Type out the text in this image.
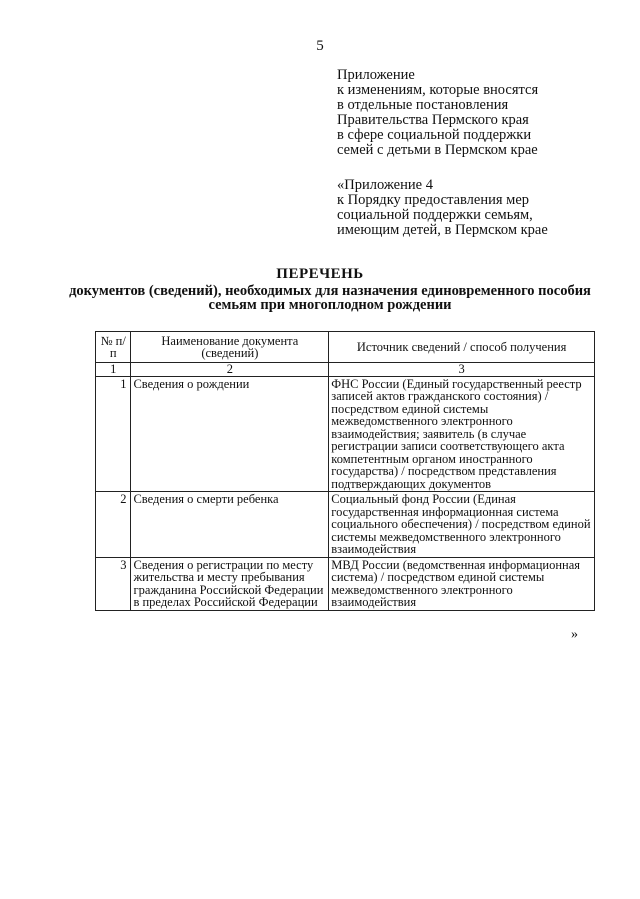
5
Приложение
к изменениям, которые вносятся
в отдельные постановления
Правительства Пермского края
в сфере социальной поддержки
семей с детьми в Пермском крае
«Приложение 4
к Порядку предоставления мер
социальной поддержки семьям,
имеющим детей, в Пермском крае
ПЕРЕЧЕНЬ
документов (сведений), необходимых для назначения единовременного пособия семьям при многоплодном рождении
№ п/п	Наименование документа (сведений)	Источник сведений / способ получения
1	2	3
1	Сведения о рождении	ФНС России (Единый государственный реестр записей актов гражданского состояния) / посредством единой системы межведомственного электронного взаимодействия; заявитель (в случае регистрации записи соответствующего акта компетентным органом иностранного государства) / посредством представления подтверждающих документов
2	Сведения о смерти ребенка	Социальный фонд России (Единая государственная информационная система социального обеспечения) / посредством единой системы межведомственного электронного взаимодействия
3	Сведения о регистрации по месту жительства и месту пребывания гражданина Российской Федерации в пределах Российской Федерации	МВД России (ведомственная информационная система) / посредством единой системы межведомственного электронного взаимодействия
»
